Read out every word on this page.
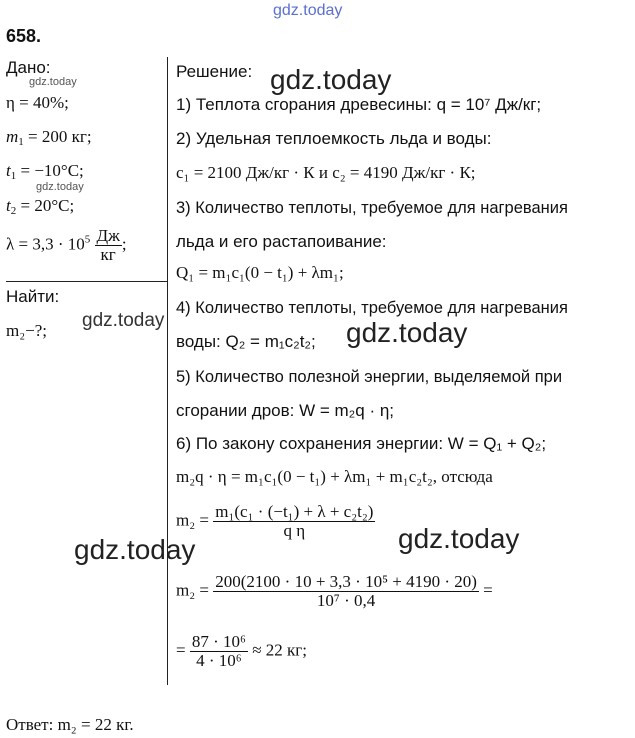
gdz.today
658.
Дано:
η = 40%;
$m_1 = 200$ кг;
$t_1 = -10^\circ C$;
$t_2 = 20^\circ C$;
$\lambda = 3,3 \cdot 10^5 \frac{Дж}{кг}$ ;
Найти:
m₂−?;
Решение:
1) Теплота сгорания древесины: q = 10⁷ Дж/кг;
2) Удельная теплоемкость льда и воды:
c₁ = 2100 Дж/кг · К и c₂ = 4190 Дж/кг · К;
3) Количество теплоты, требуемое для нагревания
льда и его растапоивание:
Q₁ = m₁c₁(0 − t₁) + λm₁;
4) Количество теплоты, требуемое для нагревания
воды: Q₂ = m₁c₂t₂;
5) Количество полезной энергии, выделяемой при
сгорании дров: W = m₂q · η;
6) По закону сохранения энергии: W = Q₁ + Q₂;
m₂q · η = m₁c₁(0 − t₁) + λm₁ + m₁c₂t₂, отсюда
$m_2 = \frac{\text{m₁(c₁ · (−t₁) + λ + c₂t₂)}}{\text{q η}}$
$m_2 = \frac{\text{200(2100 · 10 + 3,3 · 10⁵ + 4190 · 20)}}{\text{10⁷ · 0,4}}$ =
= $\frac{\text{87 · 10⁶}}{\text{4 · 10⁶}} \approx 22$ кг;
Ответ: m₂ = 22 кг.
gdz.today
gdz.today
gdz.today
gdz.today	gdz.today
gdz.today	gdz.today
